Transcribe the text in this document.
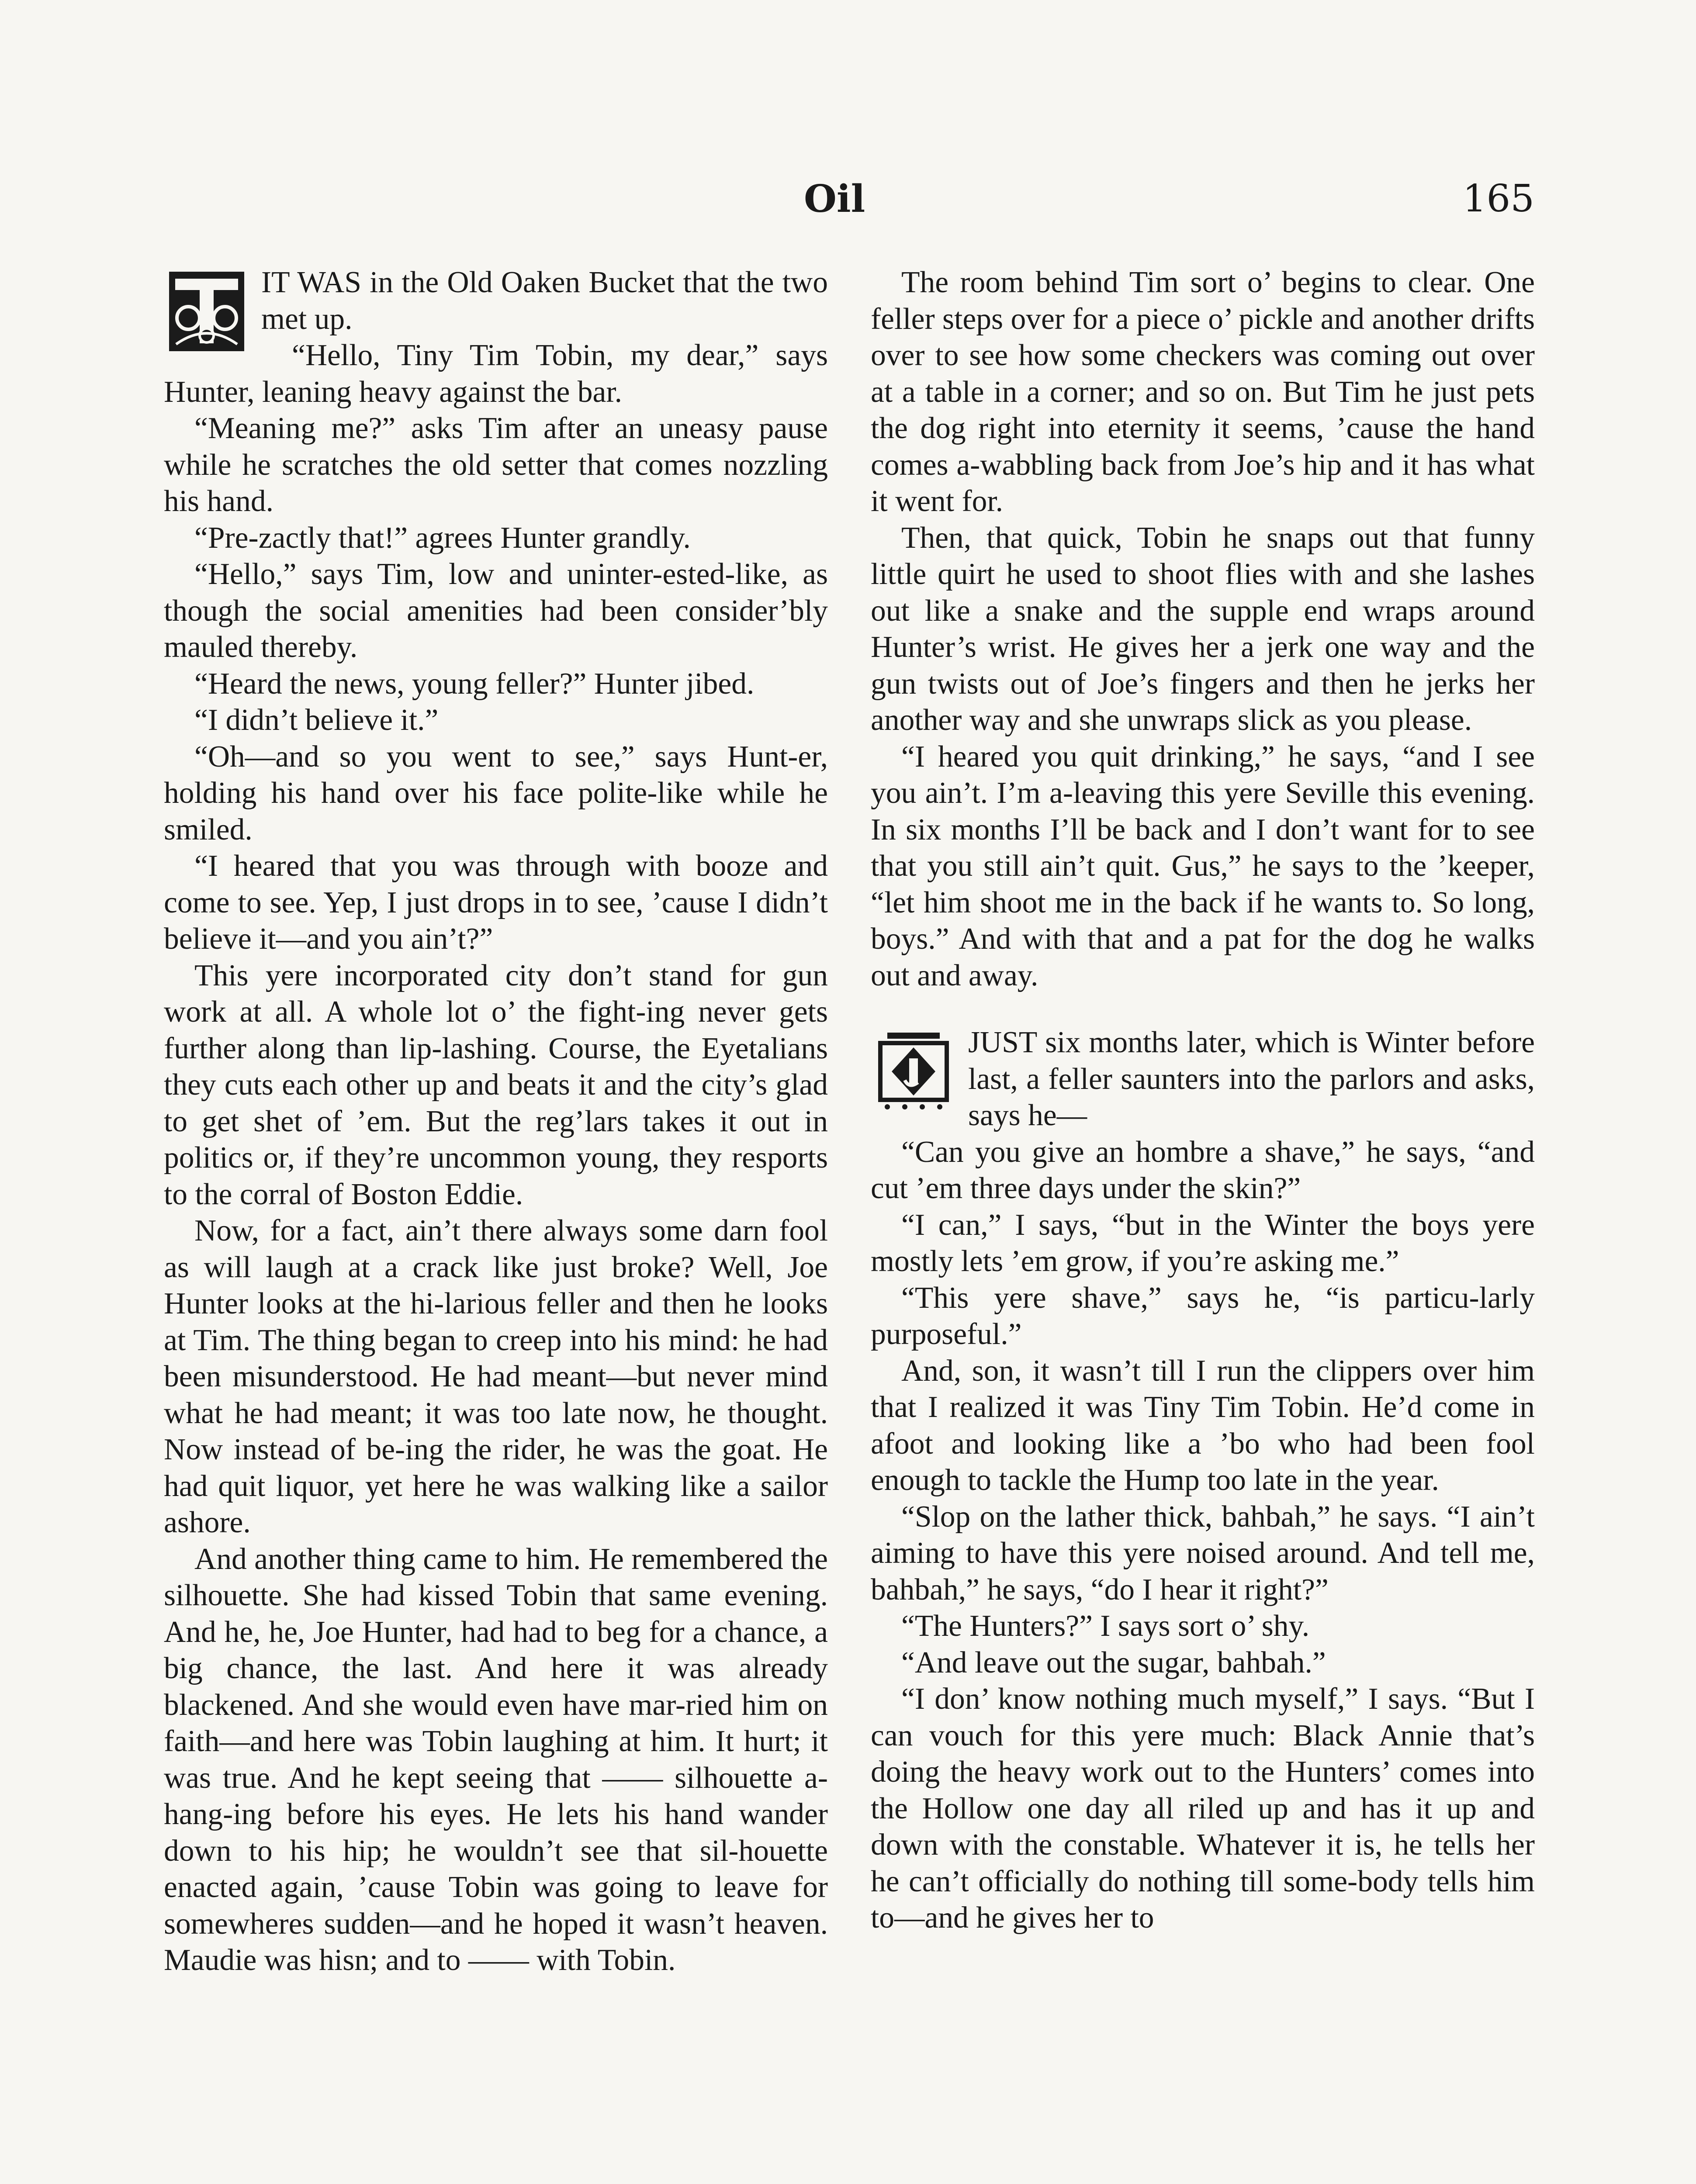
Oil	165

IT WAS in the Old Oaken Bucket that the two met up.

“Hello, Tiny Tim Tobin, my dear,” says Hunter, leaning heavy against the bar.

“Meaning me?” asks Tim after an uneasy pause while he scratches the old setter that comes nozzling his hand.

“Pre-zactly that!” agrees Hunter grandly.

“Hello,” says Tim, low and uninter-ested-like, as though the social amenities had been consider’bly mauled thereby.

“Heard the news, young feller?” Hunter jibed.

“I didn’t believe it.”

“Oh—and so you went to see,” says Hunt-er, holding his hand over his face polite-like while he smiled.

“I heared that you was through with booze and come to see. Yep, I just drops in to see, ’cause I didn’t believe it—and you ain’t?”

This yere incorporated city don’t stand for gun work at all. A whole lot o’ the fight-ing never gets further along than lip-lashing. Course, the Eyetalians they cuts each other up and beats it and the city’s glad to get shet of ’em. But the reg’lars takes it out in politics or, if they’re uncommon young, they resports to the corral of Boston Eddie.

Now, for a fact, ain’t there always some darn fool as will laugh at a crack like just broke? Well, Joe Hunter looks at the hi-larious feller and then he looks at Tim. The thing began to creep into his mind: he had been misunderstood. He had meant—but never mind what he had meant; it was too late now, he thought. Now instead of be-ing the rider, he was the goat. He had quit liquor, yet here he was walking like a sailor ashore.

And another thing came to him. He remembered the silhouette. She had kissed Tobin that same evening. And he, he, Joe Hunter, had had to beg for a chance, a big chance, the last. And here it was already blackened. And she would even have mar-ried him on faith—and here was Tobin laughing at him. It hurt; it was true. And he kept seeing that —— silhouette a-hang-ing before his eyes. He lets his hand wander down to his hip; he wouldn’t see that sil-houette enacted again, ’cause Tobin was going to leave for somewheres sudden—and he hoped it wasn’t heaven. Maudie was hisn; and to —— with Tobin.

The room behind Tim sort o’ begins to clear. One feller steps over for a piece o’ pickle and another drifts over to see how some checkers was coming out over at a table in a corner; and so on. But Tim he just pets the dog right into eternity it seems, ’cause the hand comes a-wabbling back from Joe’s hip and it has what it went for.

Then, that quick, Tobin he snaps out that funny little quirt he used to shoot flies with and she lashes out like a snake and the supple end wraps around Hunter’s wrist. He gives her a jerk one way and the gun twists out of Joe’s fingers and then he jerks her another way and she unwraps slick as you please.

“I heared you quit drinking,” he says, “and I see you ain’t. I’m a-leaving this yere Seville this evening. In six months I’ll be back and I don’t want for to see that you still ain’t quit. Gus,” he says to the ’keeper, “let him shoot me in the back if he wants to. So long, boys.” And with that and a pat for the dog he walks out and away.

JUST six months later, which is Winter before last, a feller saunters into the parlors and asks, says he—

“Can you give an hombre a shave,” he says, “and cut ’em three days under the skin?”

“I can,” I says, “but in the Winter the boys yere mostly lets ’em grow, if you’re asking me.”

“This yere shave,” says he, “is particu-larly purposeful.”

And, son, it wasn’t till I run the clippers over him that I realized it was Tiny Tim Tobin. He’d come in afoot and looking like a ’bo who had been fool enough to tackle the Hump too late in the year.

“Slop on the lather thick, bahbah,” he says. “I ain’t aiming to have this yere noised around. And tell me, bahbah,” he says, “do I hear it right?”

“The Hunters?” I says sort o’ shy.

“And leave out the sugar, bahbah.”

“I don’ know nothing much myself,” I says. “But I can vouch for this yere much: Black Annie that’s doing the heavy work out to the Hunters’ comes into the Hollow one day all riled up and has it up and down with the constable. Whatever it is, he tells her he can’t officially do nothing till some-body tells him to—and he gives her to
